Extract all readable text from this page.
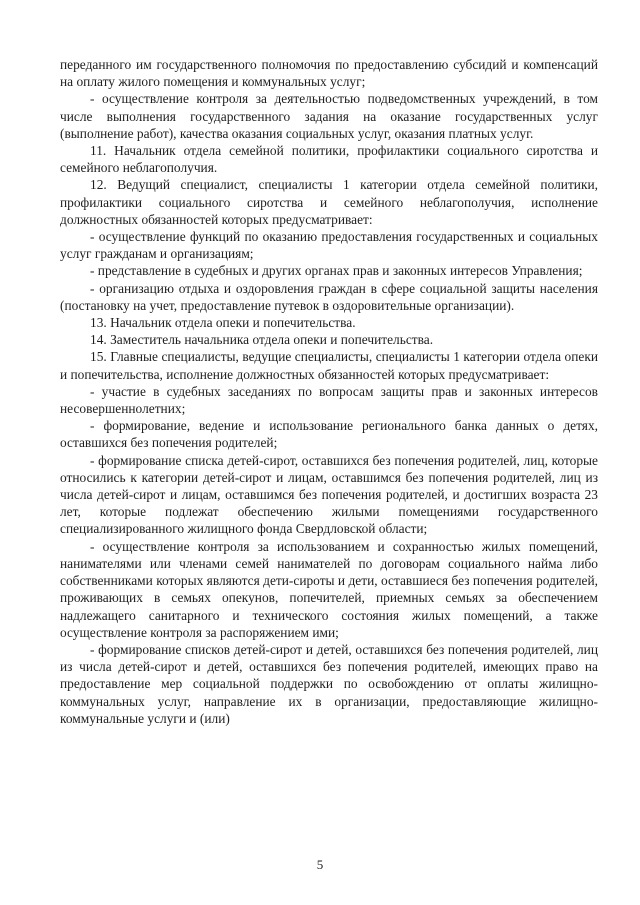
переданного им государственного полномочия по предоставлению субсидий и компенсаций на оплату жилого помещения и коммунальных услуг;

- осуществление контроля за деятельностью подведомственных учреждений, в том числе выполнения государственного задания на оказание государственных услуг (выполнение работ), качества оказания социальных услуг, оказания платных услуг.

11. Начальник отдела семейной политики, профилактики социального сиротства и семейного неблагополучия.

12. Ведущий специалист, специалисты 1 категории отдела семейной политики, профилактики социального сиротства и семейного неблагополучия, исполнение должностных обязанностей которых предусматривает:

- осуществление функций по оказанию предоставления государственных и социальных услуг гражданам и организациям;

- представление в судебных и других органах прав и законных интересов Управления;

- организацию отдыха и оздоровления граждан в сфере социальной защиты населения (постановку на учет, предоставление путевок в оздоровительные организации).

13. Начальник отдела опеки и попечительства.

14. Заместитель начальника отдела опеки и попечительства.

15. Главные специалисты, ведущие специалисты, специалисты 1 категории отдела опеки и попечительства, исполнение должностных обязанностей которых предусматривает:

- участие в судебных заседаниях по вопросам защиты прав и законных интересов несовершеннолетних;

- формирование, ведение и использование регионального банка данных о детях, оставшихся без попечения родителей;

- формирование списка детей-сирот, оставшихся без попечения родителей, лиц, которые относились к категории детей-сирот и лицам, оставшимся без попечения родителей, лиц из числа детей-сирот и лицам, оставшимся без попечения родителей, и достигших возраста 23 лет, которые подлежат обеспечению жилыми помещениями государственного специализированного жилищного фонда Свердловской области;

- осуществление контроля за использованием и сохранностью жилых помещений, нанимателями или членами семей нанимателей по договорам социального найма либо собственниками которых являются дети-сироты и дети, оставшиеся без попечения родителей, проживающих в семьях опекунов, попечителей, приемных семьях за обеспечением надлежащего санитарного и технического состояния жилых помещений, а также осуществление контроля за распоряжением ими;

- формирование списков детей-сирот и детей, оставшихся без попечения родителей, лиц из числа детей-сирот и детей, оставшихся без попечения родителей, имеющих право на предоставление мер социальной поддержки по освобождению от оплаты жилищно-коммунальных услуг, направление их в организации, предоставляющие жилищно-коммунальные услуги и (или)

5
